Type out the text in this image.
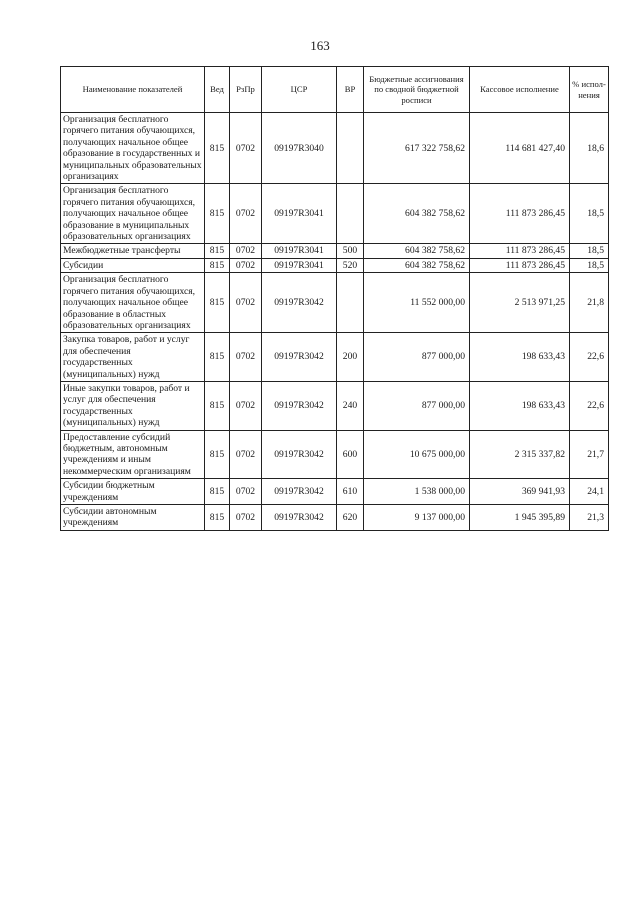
163
Наименование показателей	Вед	РзПр	ЦСР	ВР	Бюджетные ассигнования по сводной бюджетной росписи	Кассовое исполнение	% испол-нения
Организация бесплатного горячего питания обучающихся, получающих начальное общее образование в государственных и муниципальных образовательных организациях	815	0702	09197R3040		617 322 758,62	114 681 427,40	18,6
Организация бесплатного горячего питания обучающихся, получающих начальное общее образование в муниципальных образовательных организациях	815	0702	09197R3041		604 382 758,62	111 873 286,45	18,5
Межбюджетные трансферты	815	0702	09197R3041	500	604 382 758,62	111 873 286,45	18,5
Субсидии	815	0702	09197R3041	520	604 382 758,62	111 873 286,45	18,5
Организация бесплатного горячего питания обучающихся, получающих начальное общее образование в областных образовательных организациях	815	0702	09197R3042		11 552 000,00	2 513 971,25	21,8
Закупка товаров, работ и услуг для обеспечения государственных (муниципальных) нужд	815	0702	09197R3042	200	877 000,00	198 633,43	22,6
Иные закупки товаров, работ и услуг для обеспечения государственных (муниципальных) нужд	815	0702	09197R3042	240	877 000,00	198 633,43	22,6
Предоставление субсидий бюджетным, автономным учреждениям и иным некоммерческим организациям	815	0702	09197R3042	600	10 675 000,00	2 315 337,82	21,7
Субсидии бюджетным учреждениям	815	0702	09197R3042	610	1 538 000,00	369 941,93	24,1
Субсидии автономным учреждениям	815	0702	09197R3042	620	9 137 000,00	1 945 395,89	21,3
